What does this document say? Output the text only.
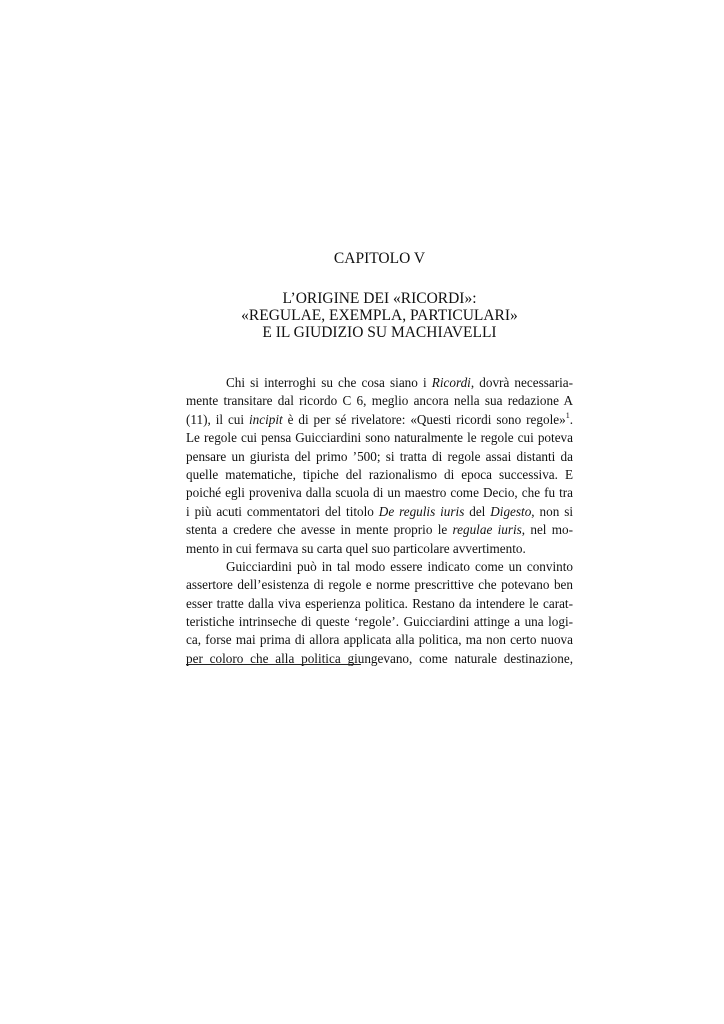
CAPITOLO V
L’ORIGINE DEI «RICORDI»:
«REGULAE, EXEMPLA, PARTICULARI»
E IL GIUDIZIO SU MACHIAVELLI
Chi si interroghi su che cosa siano i Ricordi, dovrà necessaria-
mente transitare dal ricordo C 6, meglio ancora nella sua redazione A
(11), il cui incipit è di per sé rivelatore: «Questi ricordi sono regole»$^1$.
Le regole cui pensa Guicciardini sono naturalmente le regole cui poteva
pensare un giurista del primo ’500; si tratta di regole assai distanti da
quelle matematiche, tipiche del razionalismo di epoca successiva. E
poiché egli proveniva dalla scuola di un maestro come Decio, che fu tra
i più acuti commentatori del titolo De regulis iuris del Digesto, non si
stenta a credere che avesse in mente proprio le regulae iuris, nel mo-
mento in cui fermava su carta quel suo particolare avvertimento.
Guicciardini può in tal modo essere indicato come un convinto
assertore dell’esistenza di regole e norme prescrittive che potevano ben
esser tratte dalla viva esperienza politica. Restano da intendere le carat-
teristiche intrinseche di queste ‘regole’. Guicciardini attinge a una logi-
ca, forse mai prima di allora applicata alla politica, ma non certo nuova
per coloro che alla politica giungevano, come naturale destinazione,
